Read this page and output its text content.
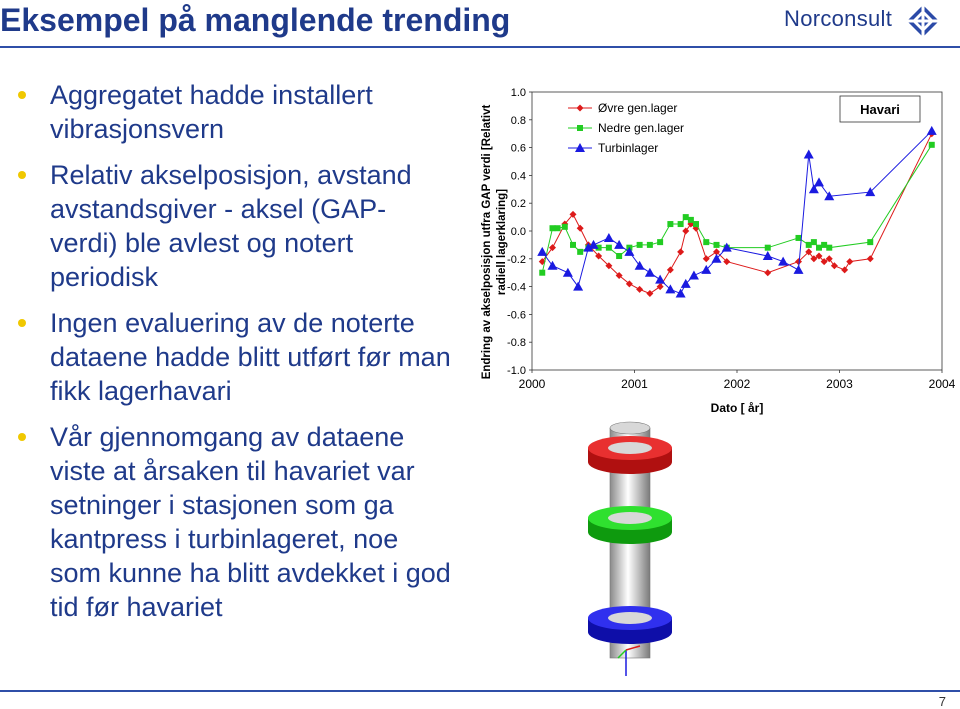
Eksempel på manglende trending	Norconsult
Aggregatet hadde installert vibrasjonsvern
Relativ akselposisjon, avstand avstandsgiver - aksel (GAP-verdi) ble avlest og notert periodisk
Ingen evaluering av de noterte dataene hadde blitt utført før man fikk lagerhavari
Vår gjennomgang av dataene viste at årsaken til havariet var setninger i stasjonen som ga kantpress i turbinlageret, noe som kunne ha blitt avdekket i god tid før havariet
1.0
0.8
0.6
0.4
0.2
0.0
-0.2
-0.4
-0.6
-0.8
-1.0
2000	2001	2002	2003	2004
Dato [ år]
Endring av akselposisjon utfra GAP verdi [Relativt radiell lagerklaring]
Øvre gen.lager
Nedre gen.lager
Turbinlager
Havari
7
